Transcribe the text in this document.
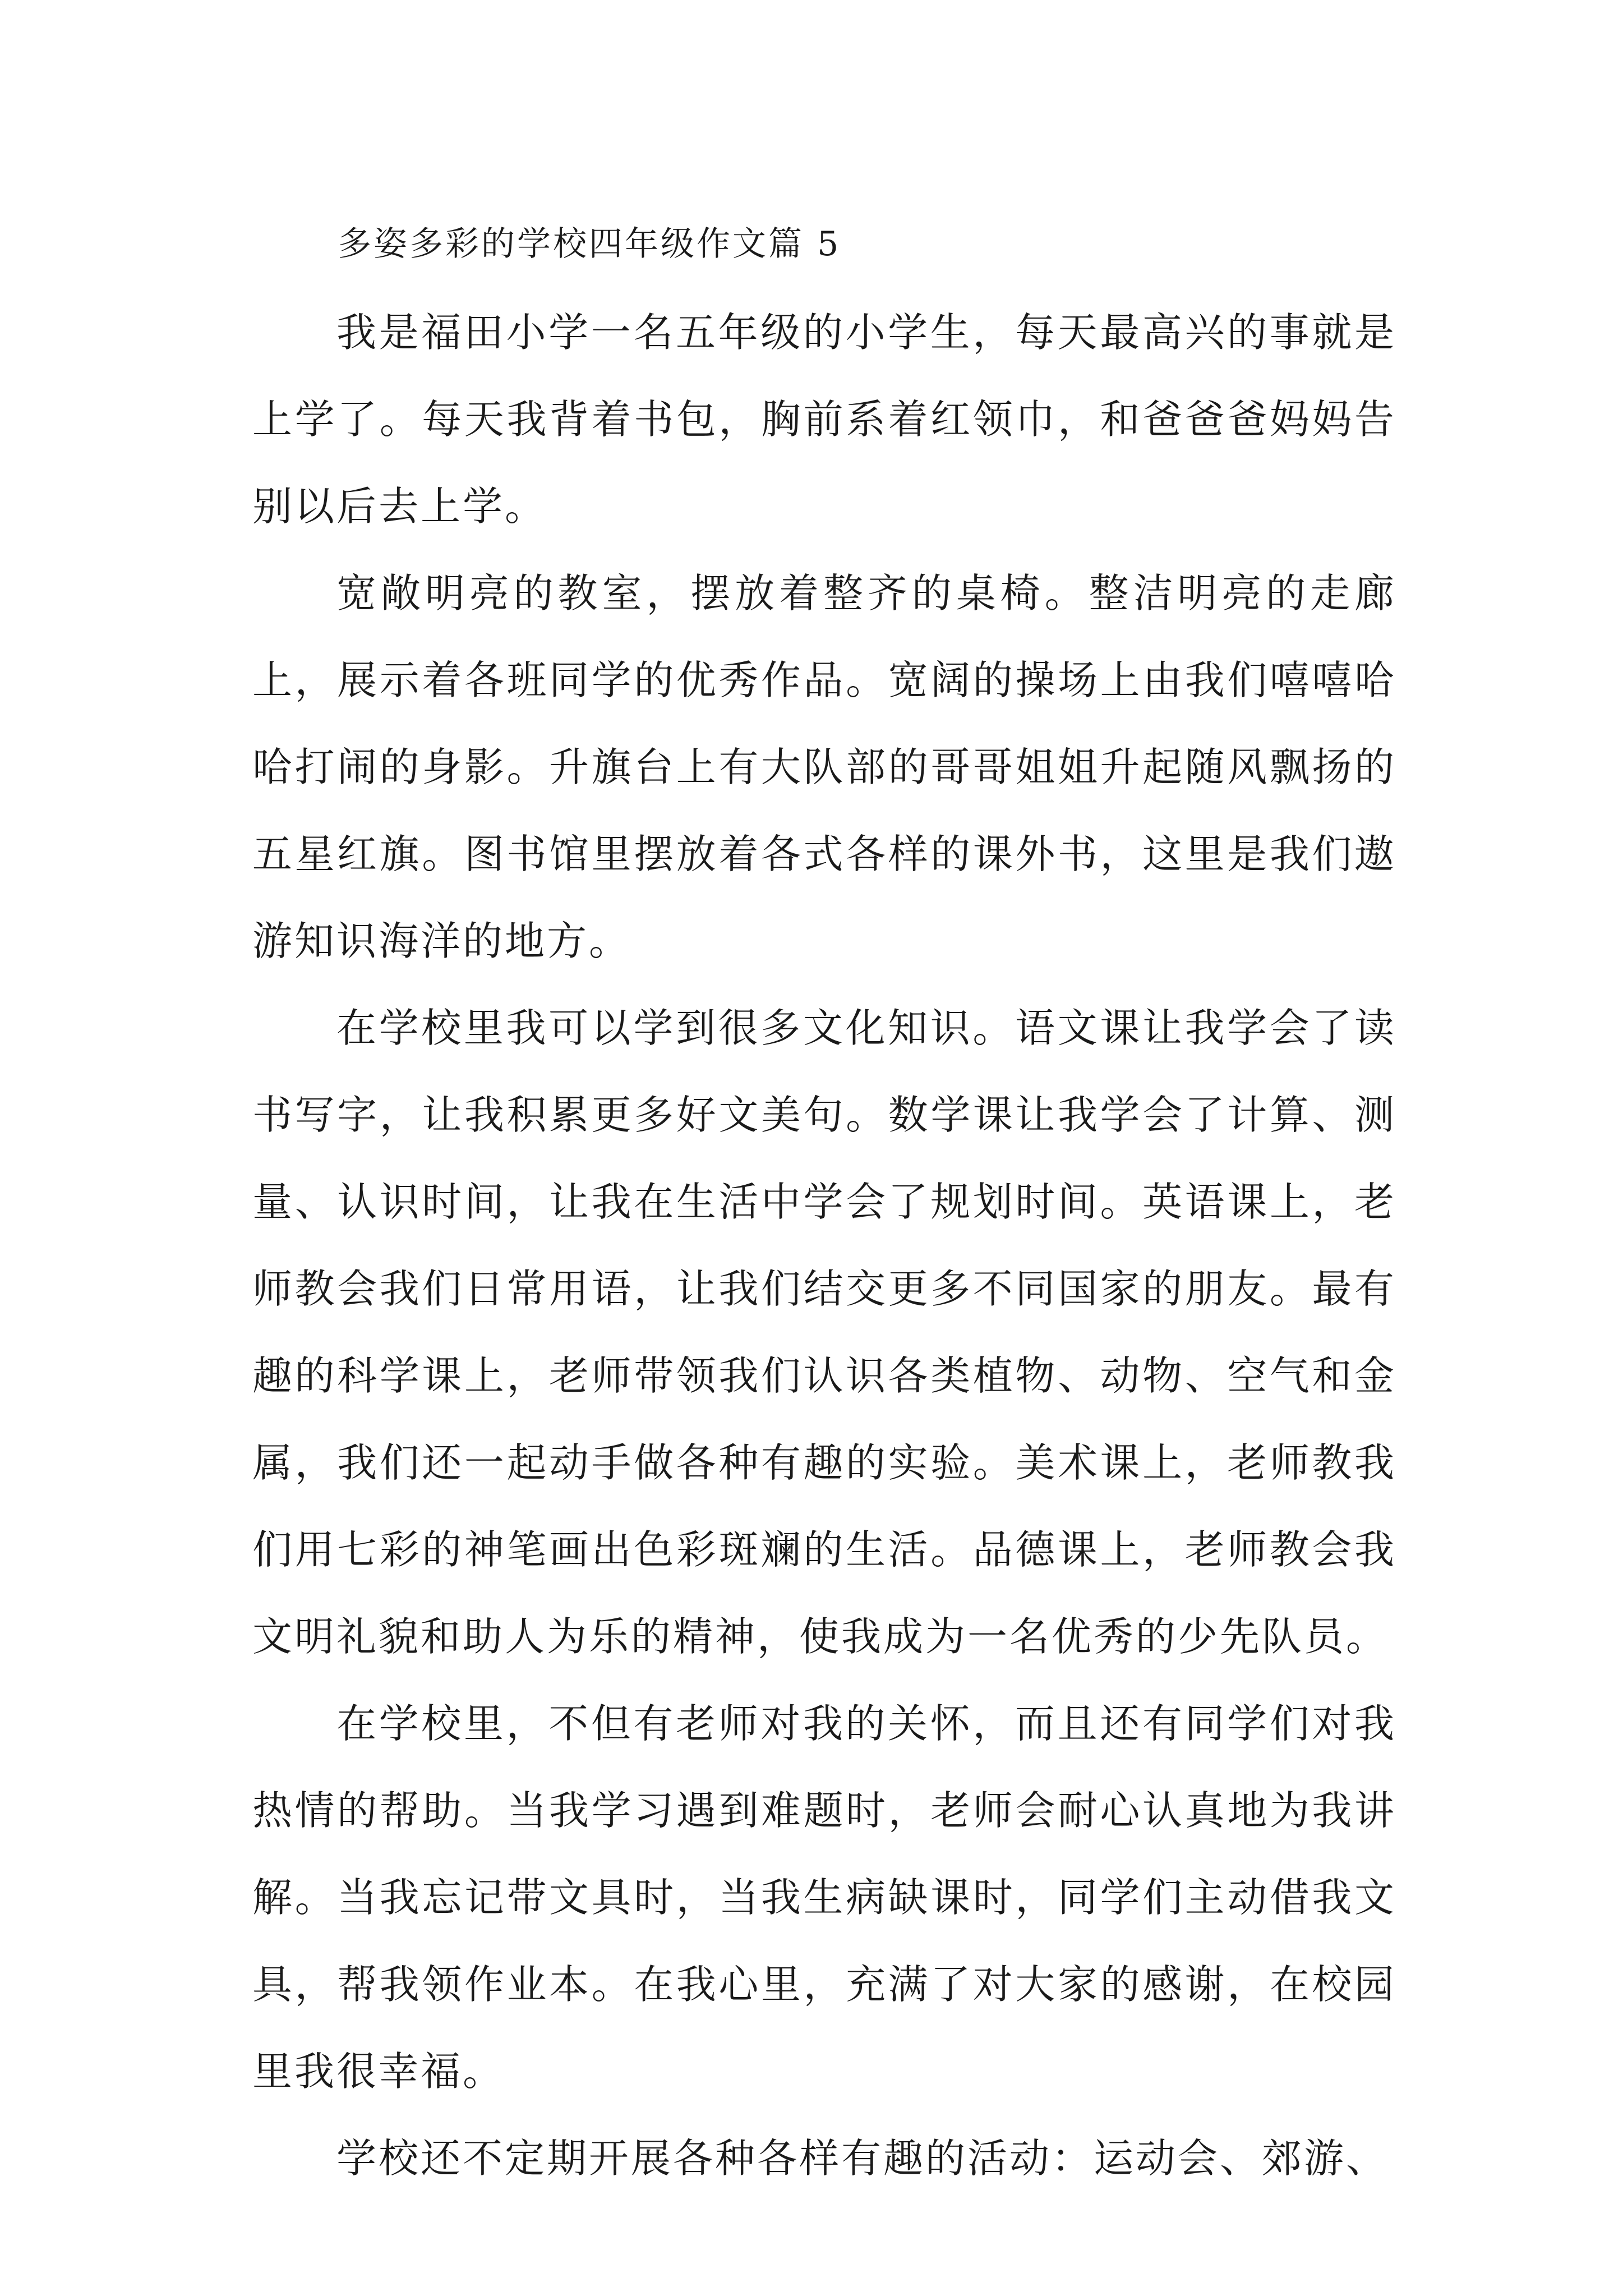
多姿多彩的学校四年级作文篇 5

我是福田小学一名五年级的小学生，每天最高兴的事就是上学了。每天我背着书包，胸前系着红领巾，和爸爸爸妈妈告别以后去上学。

宽敞明亮的教室，摆放着整齐的桌椅。整洁明亮的走廊上，展示着各班同学的优秀作品。宽阔的操场上由我们嘻嘻哈哈打闹的身影。升旗台上有大队部的哥哥姐姐升起随风飘扬的五星红旗。图书馆里摆放着各式各样的课外书，这里是我们遨游知识海洋的地方。

在学校里我可以学到很多文化知识。语文课让我学会了读书写字，让我积累更多好文美句。数学课让我学会了计算、测量、认识时间，让我在生活中学会了规划时间。英语课上，老师教会我们日常用语，让我们结交更多不同国家的朋友。最有趣的科学课上，老师带领我们认识各类植物、动物、空气和金属，我们还一起动手做各种有趣的实验。美术课上，老师教我们用七彩的神笔画出色彩斑斓的生活。品德课上，老师教会我文明礼貌和助人为乐的精神，使我成为一名优秀的少先队员。

在学校里，不但有老师对我的关怀，而且还有同学们对我热情的帮助。当我学习遇到难题时，老师会耐心认真地为我讲解。当我忘记带文具时，当我生病缺课时，同学们主动借我文具，帮我领作业本。在我心里，充满了对大家的感谢，在校园里我很幸福。

学校还不定期开展各种各样有趣的活动：运动会、郊游、
